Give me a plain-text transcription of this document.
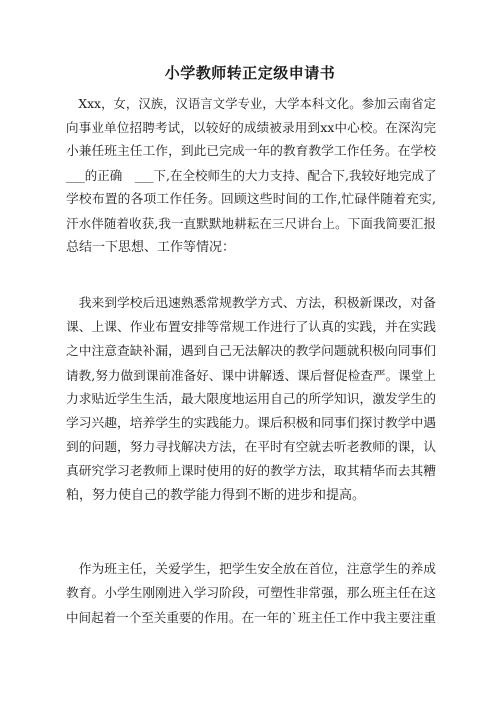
小学教师转正定级申请书
　Xxx，女，汉族，汉语言文学专业，大学本科文化。参加云南省定
向事业单位招聘考试，以较好的成绩被录用到xx中心校。在深沟完
小兼任班主任工作，到此已完成一年的教育教学工作任务。在学校
___的正确　___下,在全校师生的大力支持、配合下,我较好地完成了
学校布置的各项工作任务。回顾这些时间的工作,忙碌伴随着充实,
汗水伴随着收获,我一直默默地耕耘在三尺讲台上。下面我简要汇报
总结一下思想、工作等情况：
　我来到学校后迅速熟悉常规教学方式、方法，积极新课改，对备
课、上课、作业布置安排等常规工作进行了认真的实践，并在实践
之中注意查缺补漏，遇到自己无法解决的教学问题就积极向同事们
请教,努力做到课前准备好、课中讲解透、课后督促检查严。课堂上
力求贴近学生生活，最大限度地运用自己的所学知识，激发学生的
学习兴趣，培养学生的实践能力。课后积极和同事们探讨教学中遇
到的问题，努力寻找解决方法，在平时有空就去听老教师的课，认
真研究学习老教师上课时使用的好的教学方法，取其精华而去其糟
粕，努力使自己的教学能力得到不断的进步和提高。
　作为班主任，关爱学生，把学生安全放在首位，注意学生的养成
教育。小学生刚刚进入学习阶段，可塑性非常强，那么班主任在这
中间起着一个至关重要的作用。在一年的`班主任工作中我主要注重
